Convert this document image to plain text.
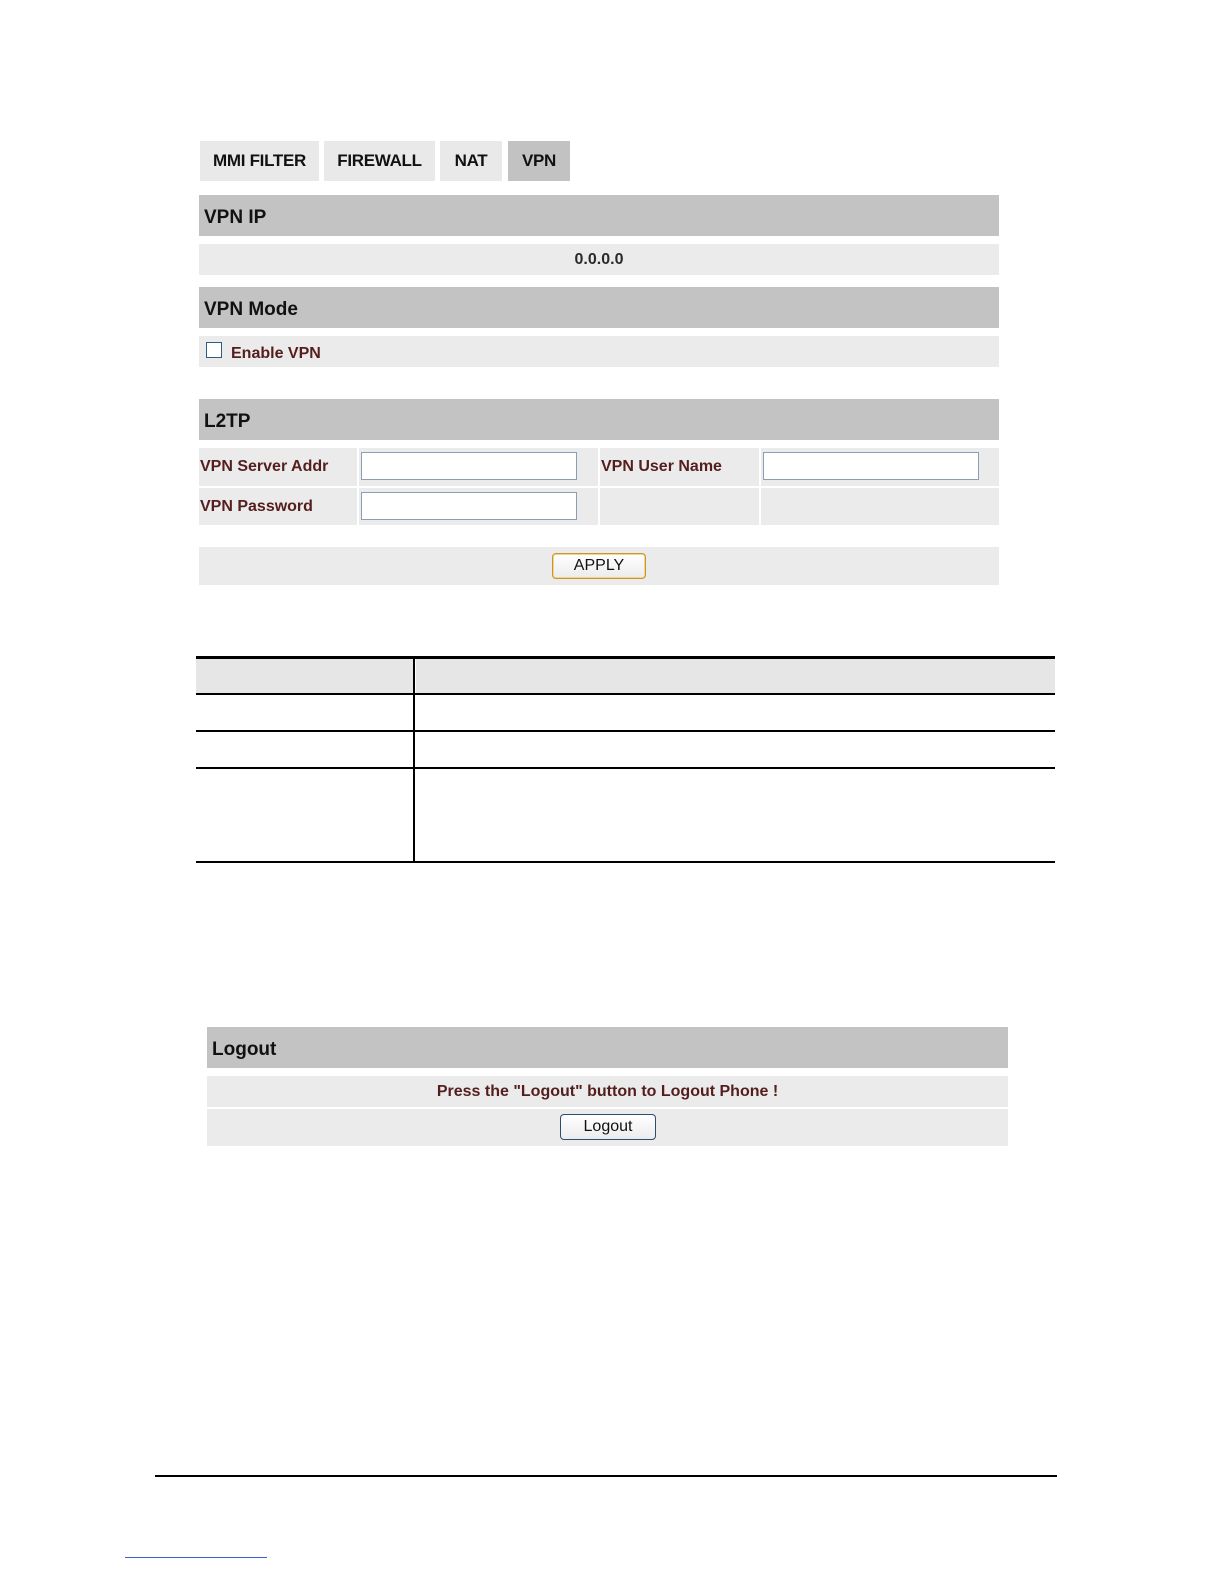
MMI FILTER	FIREWALL	NAT	VPN
VPN IP
0.0.0.0
VPN Mode
Enable VPN
L2TP
VPN Server Addr	VPN User Name
VPN Password
APPLY
Logout
Press the "Logout" button to Logout Phone !
Logout
